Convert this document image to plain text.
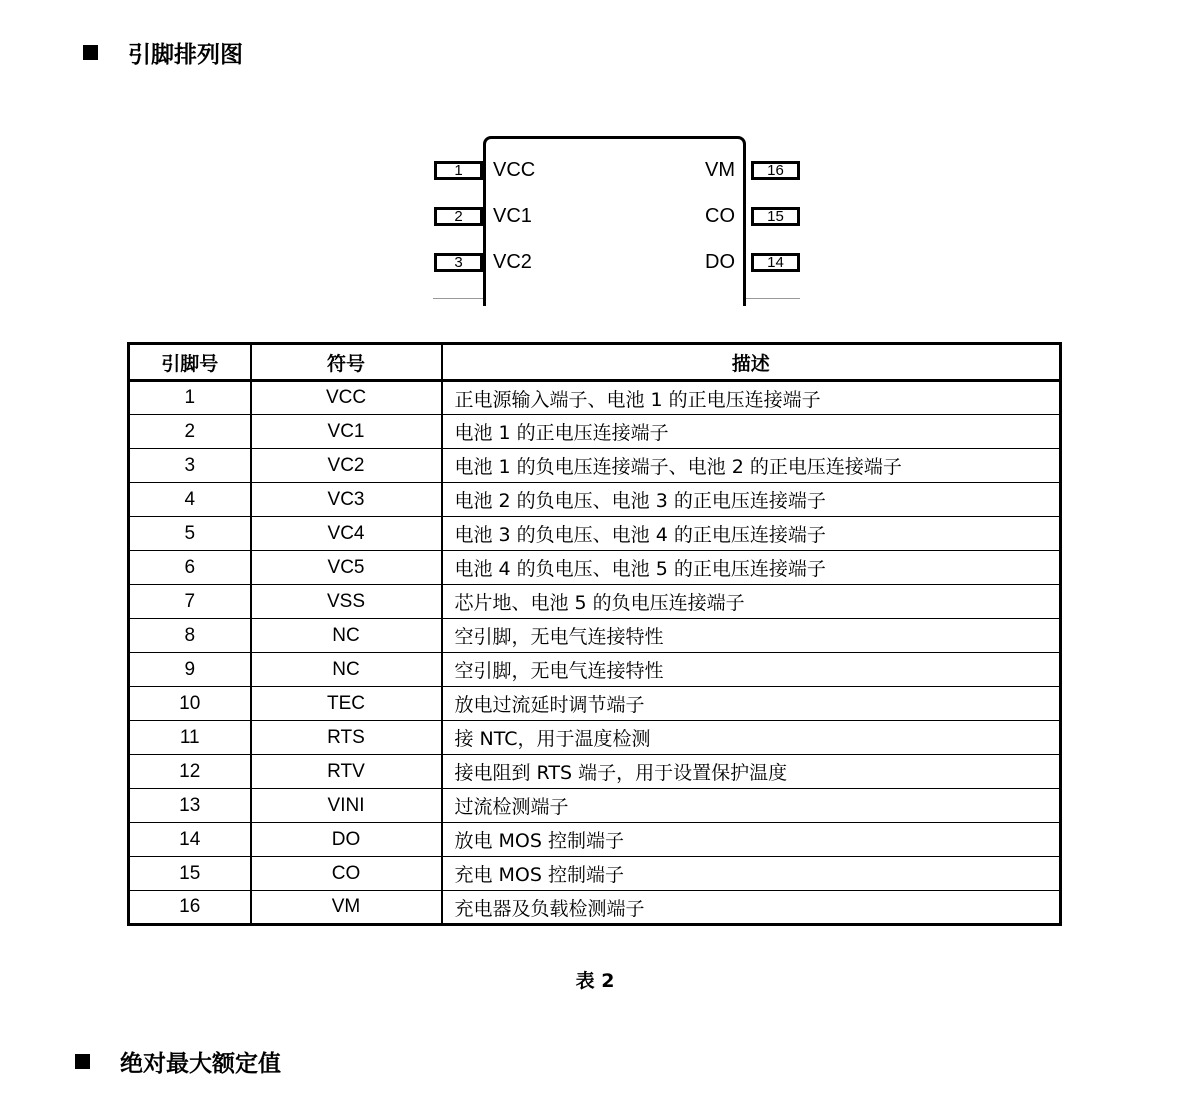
引脚排列图
1
2
3
VCC
VC1
VC2
16
15
14
VM
CO
DO
引脚号	符号	描述
1	VCC	正电源输入端子、电池 1 的正电压连接端子
2	VC1	电池 1 的正电压连接端子
3	VC2	电池 1 的负电压连接端子、电池 2 的正电压连接端子
4	VC3	电池 2 的负电压、电池 3 的正电压连接端子
5	VC4	电池 3 的负电压、电池 4 的正电压连接端子
6	VC5	电池 4 的负电压、电池 5 的正电压连接端子
7	VSS	芯片地、电池 5 的负电压连接端子
8	NC	空引脚，无电气连接特性
9	NC	空引脚，无电气连接特性
10	TEC	放电过流延时调节端子
11	RTS	接 NTC，用于温度检测
12	RTV	接电阻到 RTS 端子，用于设置保护温度
13	VINI	过流检测端子
14	DO	放电 MOS 控制端子
15	CO	充电 MOS 控制端子
16	VM	充电器及负载检测端子
表 2
绝对最大额定值
